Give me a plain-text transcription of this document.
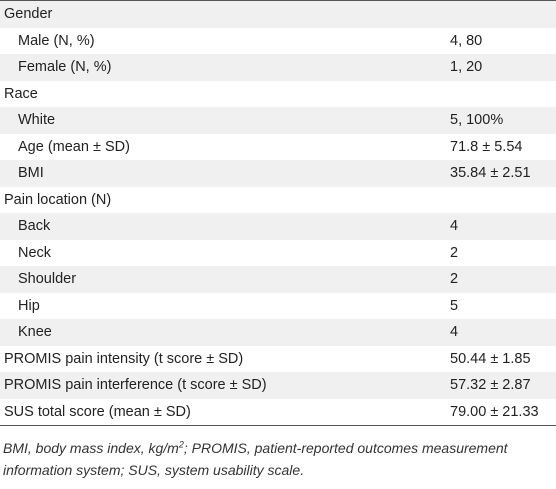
Gender	
Male (N, %)	4, 80
Female (N, %)	1, 20
Race	
White	5, 100%
Age (mean ± SD)	71.8 ± 5.54
BMI	35.84 ± 2.51
Pain location (N)	
Back	4
Neck	2
Shoulder	2
Hip	5
Knee	4
PROMIS pain intensity (t score ± SD)	50.44 ± 1.85
PROMIS pain interference (t score ± SD)	57.32 ± 2.87
SUS total score (mean ± SD)	79.00 ± 21.33
BMI, body mass index, $kg/m^2$; PROMIS, patient-reported outcomes measurement information system; SUS, system usability scale.
